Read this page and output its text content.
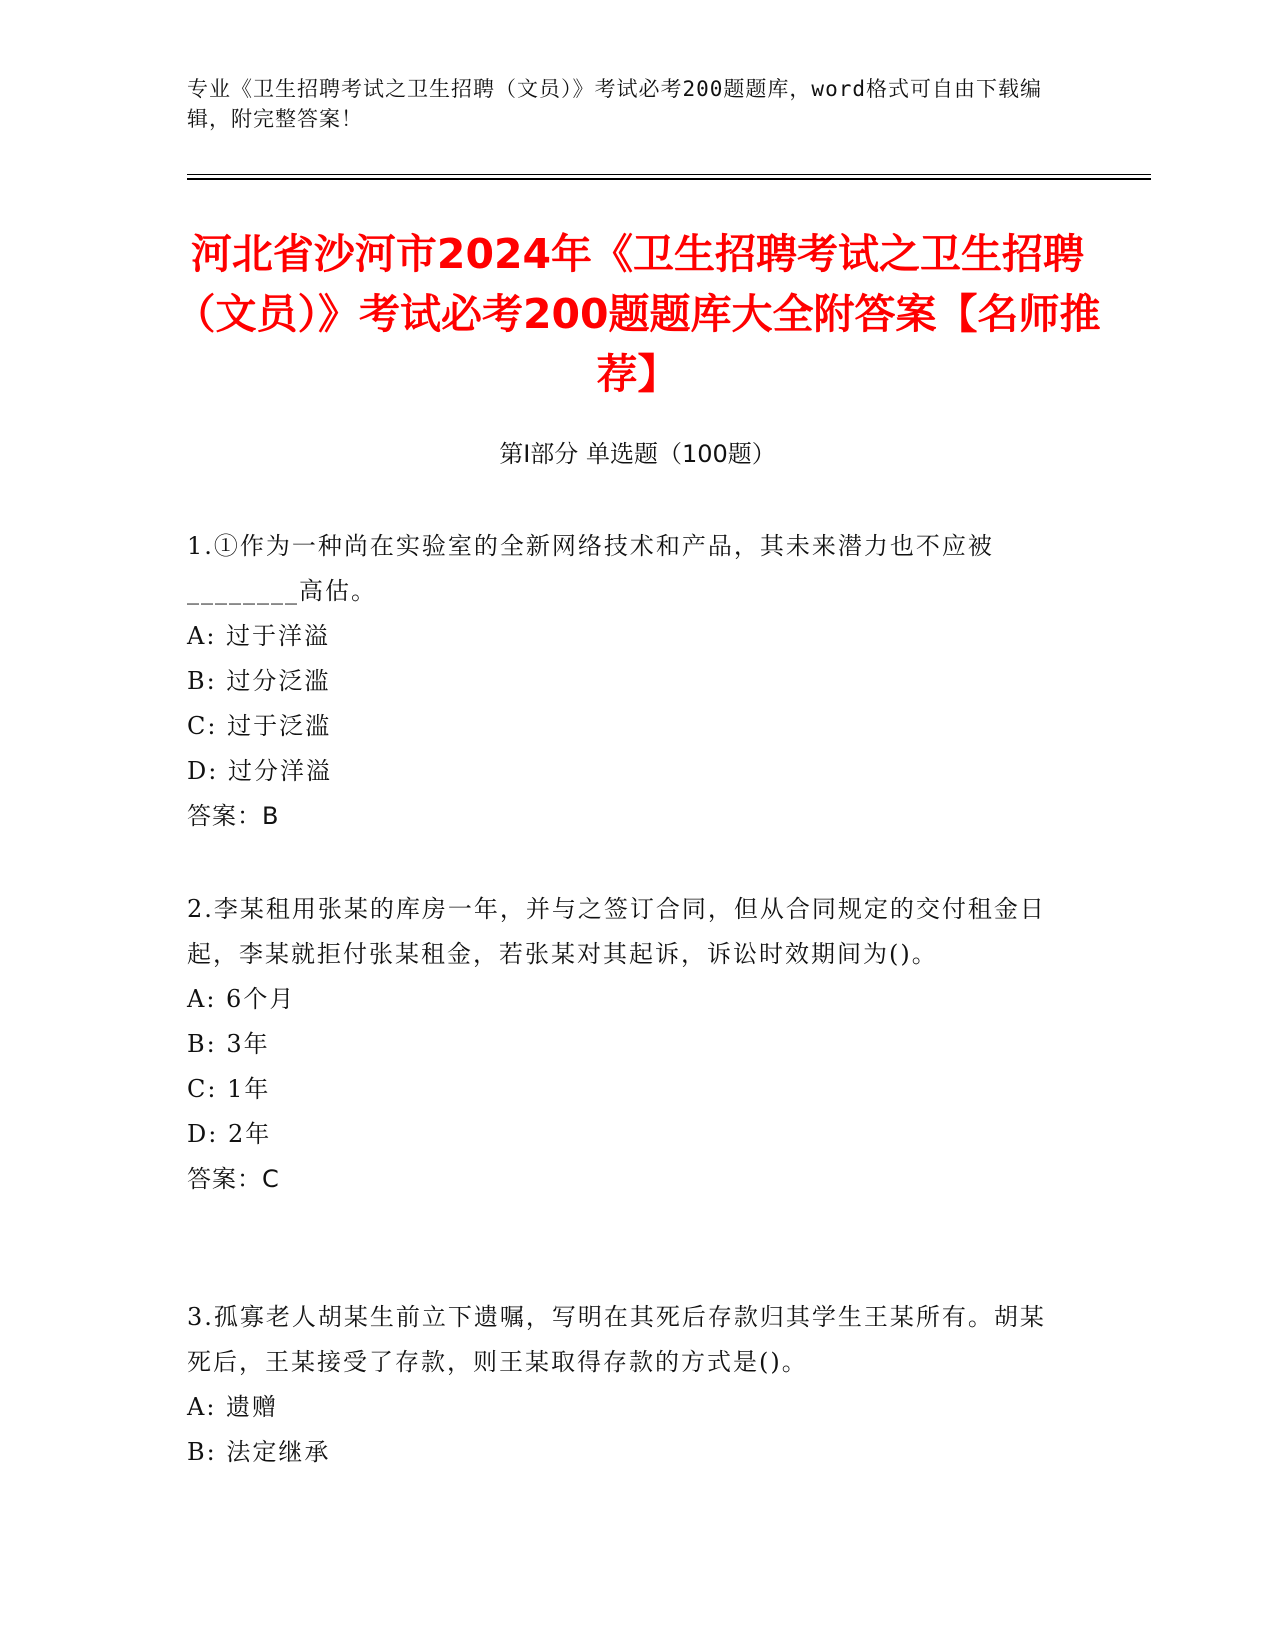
专业《卫生招聘考试之卫生招聘（文员）》考试必考200题题库，word格式可自由下载编辑，附完整答案！
河北省沙河市2024年《卫生招聘考试之卫生招聘（文员）》考试必考200题题库大全附答案【名师推荐】
第Ⅰ部分 单选题（100题）
1.①作为一种尚在实验室的全新网络技术和产品，其未来潜力也不应被________高估。
A: 过于洋溢
B: 过分泛滥
C: 过于泛滥
D: 过分洋溢
答案：B
2.李某租用张某的库房一年，并与之签订合同，但从合同规定的交付租金日起，李某就拒付张某租金，若张某对其起诉，诉讼时效期间为()。
A: 6个月
B: 3年
C: 1年
D: 2年
答案：C
3.孤寡老人胡某生前立下遗嘱，写明在其死后存款归其学生王某所有。胡某死后，王某接受了存款，则王某取得存款的方式是()。
A: 遗赠
B: 法定继承
